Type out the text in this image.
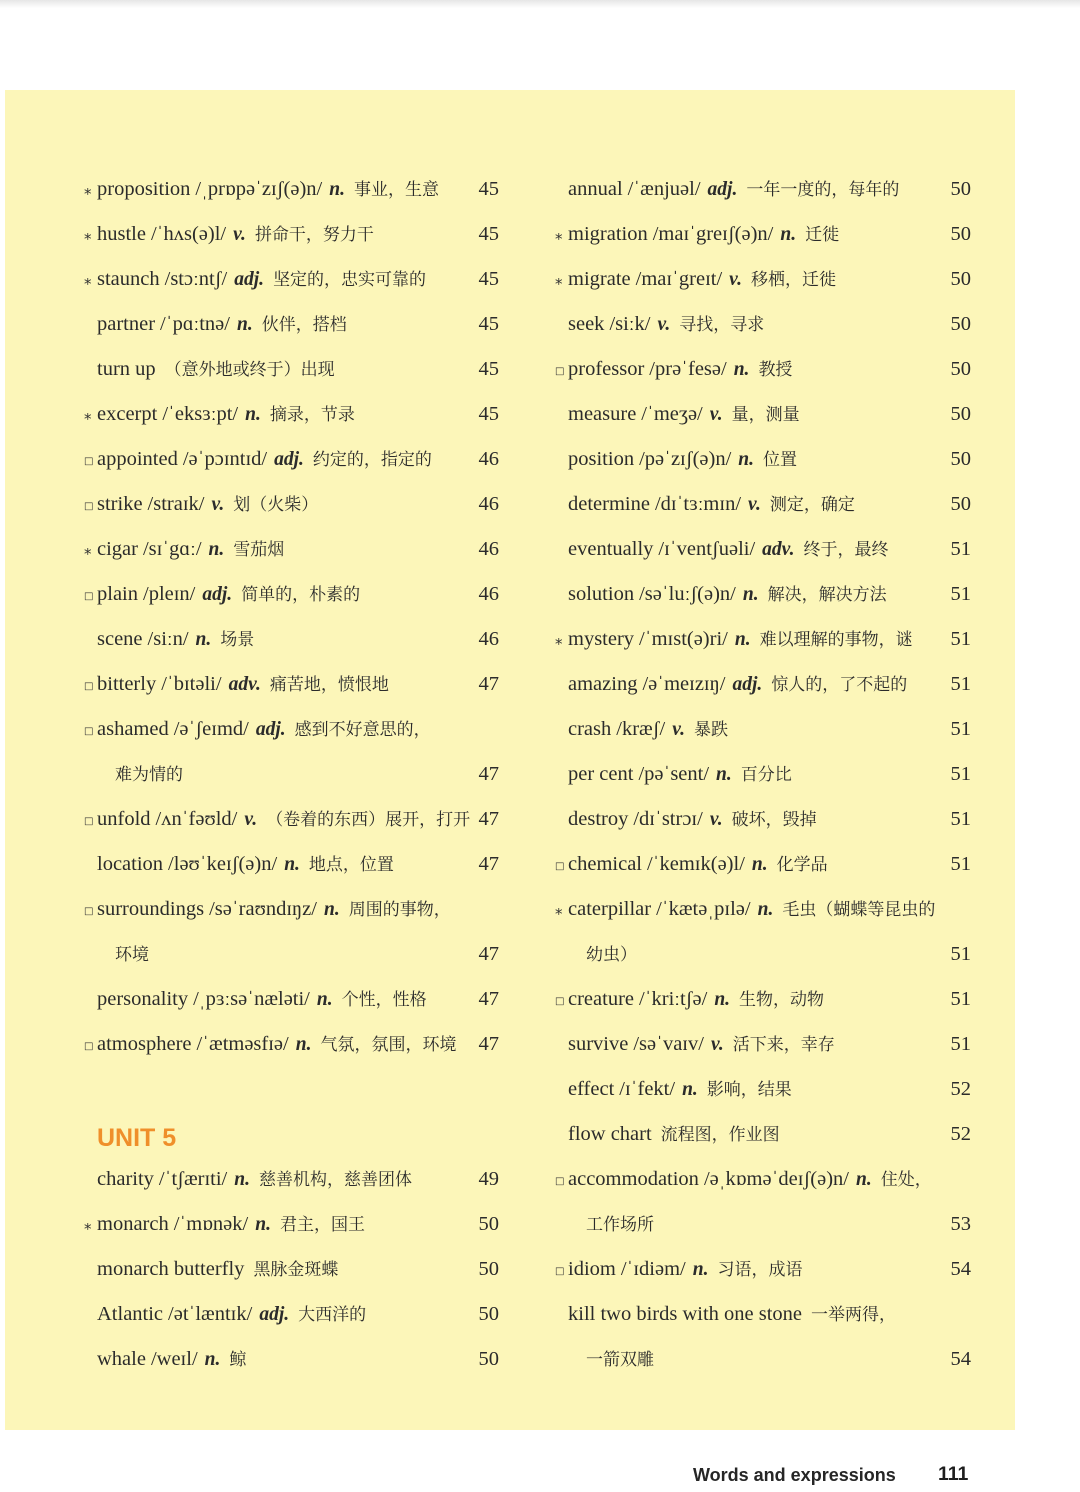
* proposition /ˌprɒpəˈzɪʃ(ə)n/ n. 事业，生意 45
* hustle /ˈhʌs(ə)l/ v. 拼命干，努力干	45
* staunch /stɔːntʃ/ adj. 坚定的，忠实可靠的	45
partner /ˈpɑːtnə/ n. 伙伴，搭档	45
turn up （意外地或终于）出现	45
* excerpt /ˈeksɜːpt/ n. 摘录，节录	45
□ appointed /əˈpɔɪntɪd/ adj. 约定的，指定的 46
□ strike /straɪk/ v. 划（火柴）	46
* cigar /sɪˈgɑː/ n. 雪茄烟	46
□ plain /pleɪn/ adj. 简单的，朴素的	46
scene /siːn/ n. 场景	46
□ bitterly /ˈbɪtəli/ adv. 痛苦地，愤恨地	47
□ ashamed /əˈʃeɪmd/ adj. 感到不好意思的，
难为情的	47
□ unfold /ʌnˈfəʊld/ v. （卷着的东西）展开，打开 47
location /ləʊˈkeɪʃ(ə)n/ n. 地点，位置	47
□ surroundings /səˈraʊndɪŋz/ n. 周围的事物，
环境	47
personality /ˌpɜːsəˈnæləti/ n. 个性，性格	47
□ atmosphere /ˈætməsfɪə/ n. 气氛，氛围，环境 47
UNIT 5
charity /ˈtʃærɪti/ n. 慈善机构，慈善团体	49
* monarch /ˈmɒnək/ n. 君主，国王	50
monarch butterfly 黑脉金斑蝶	50
Atlantic /ətˈlæntɪk/ adj. 大西洋的	50
whale /weɪl/ n. 鲸	50
annual /ˈænjuəl/ adj. 一年一度的，每年的 50
* migration /maɪˈgreɪʃ(ə)n/ n. 迁徙	50
* migrate /maɪˈgreɪt/ v. 移栖，迁徙	50
seek /siːk/ v. 寻找，寻求	50
□ professor /prəˈfesə/ n. 教授	50
measure /ˈmeʒə/ v. 量，测量	50
position /pəˈzɪʃ(ə)n/ n. 位置	50
determine /dɪˈtɜːmɪn/ v. 测定，确定	50
eventually /ɪˈventʃuəli/ adv. 终于，最终	51
solution /səˈluːʃ(ə)n/ n. 解决，解决方法	51
* mystery /ˈmɪst(ə)ri/ n. 难以理解的事物，谜 51
amazing /əˈmeɪzɪŋ/ adj. 惊人的，了不起的 51
crash /kræʃ/ v. 暴跌	51
per cent /pəˈsent/ n. 百分比	51
destroy /dɪˈstrɔɪ/ v. 破坏，毁掉	51
□ chemical /ˈkemɪk(ə)l/ n. 化学品	51
* caterpillar /ˈkætəˌpɪlə/ n. 毛虫（蝴蝶等昆虫的
幼虫）	51
□ creature /ˈkriːtʃə/ n. 生物，动物	51
survive /səˈvaɪv/ v. 活下来，幸存	51
effect /ɪˈfekt/ n. 影响，结果	52
flow chart 流程图，作业图	52
□ accommodation /əˌkɒməˈdeɪʃ(ə)n/ n. 住处，
工作场所	53
□ idiom /ˈɪdiəm/ n. 习语，成语	54
kill two birds with one stone 一举两得，
一箭双雕	54
Words and expressions 111
